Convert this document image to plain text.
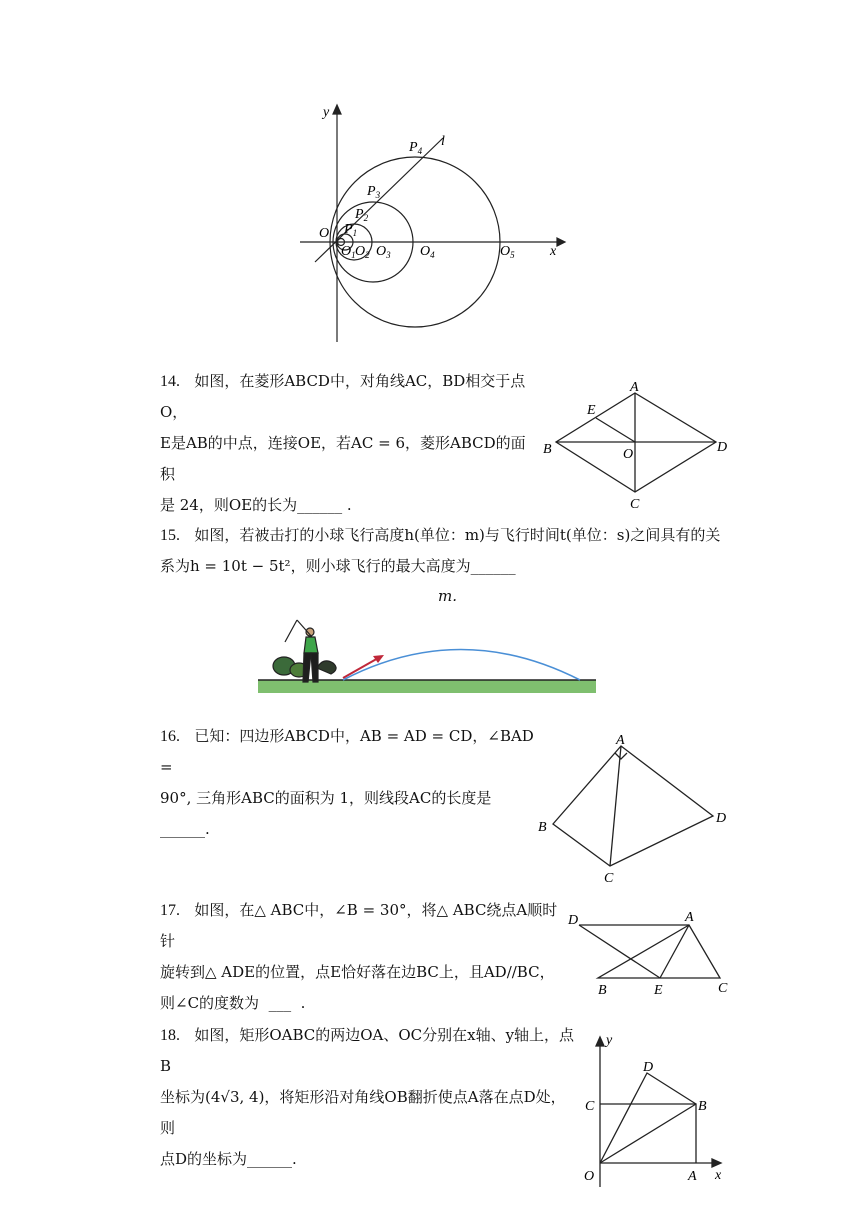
y
x
l
O
$P_4$
$P_3$
$P_2$
$P_1$
$O_1$ $O_2$ $O_3$ $O_4$	$O_5$
14. 如图，在菱形ABCD中，对角线AC，BD相交于点O，
E是AB的中点，连接OE，若AC = 6，菱形ABCD的面积
是 24，则OE的长为______ .
A
B
C
D
E
O
15. 如图，若被击打的小球飞行高度h(单位：m)与飞行时间t(单位：s)之间具有的关
系为h = 10t − 5t²，则小球飞行的最大高度为______
m.
16. 已知：四边形ABCD中，AB = AD = CD，∠BAD =
90°, 三角形ABC的面积为 1，则线段AC的长度是______.
A
B
C
D
17. 如图，在△ ABC中，∠B = 30°，将△ ABC绕点A顺时针
旋转到△ ADE的位置，点E恰好落在边BC上，且AD//BC，
则∠C的度数为  ___  .
D	A
B	E	C
18. 如图，矩形OABC的两边OA、OC分别在x轴、y轴上，点B
坐标为(4√3, 4)，将矩形沿对角线OB翻折使点A落在点D处，则
点D的坐标为______.
y
x
O	A
B
C
D
